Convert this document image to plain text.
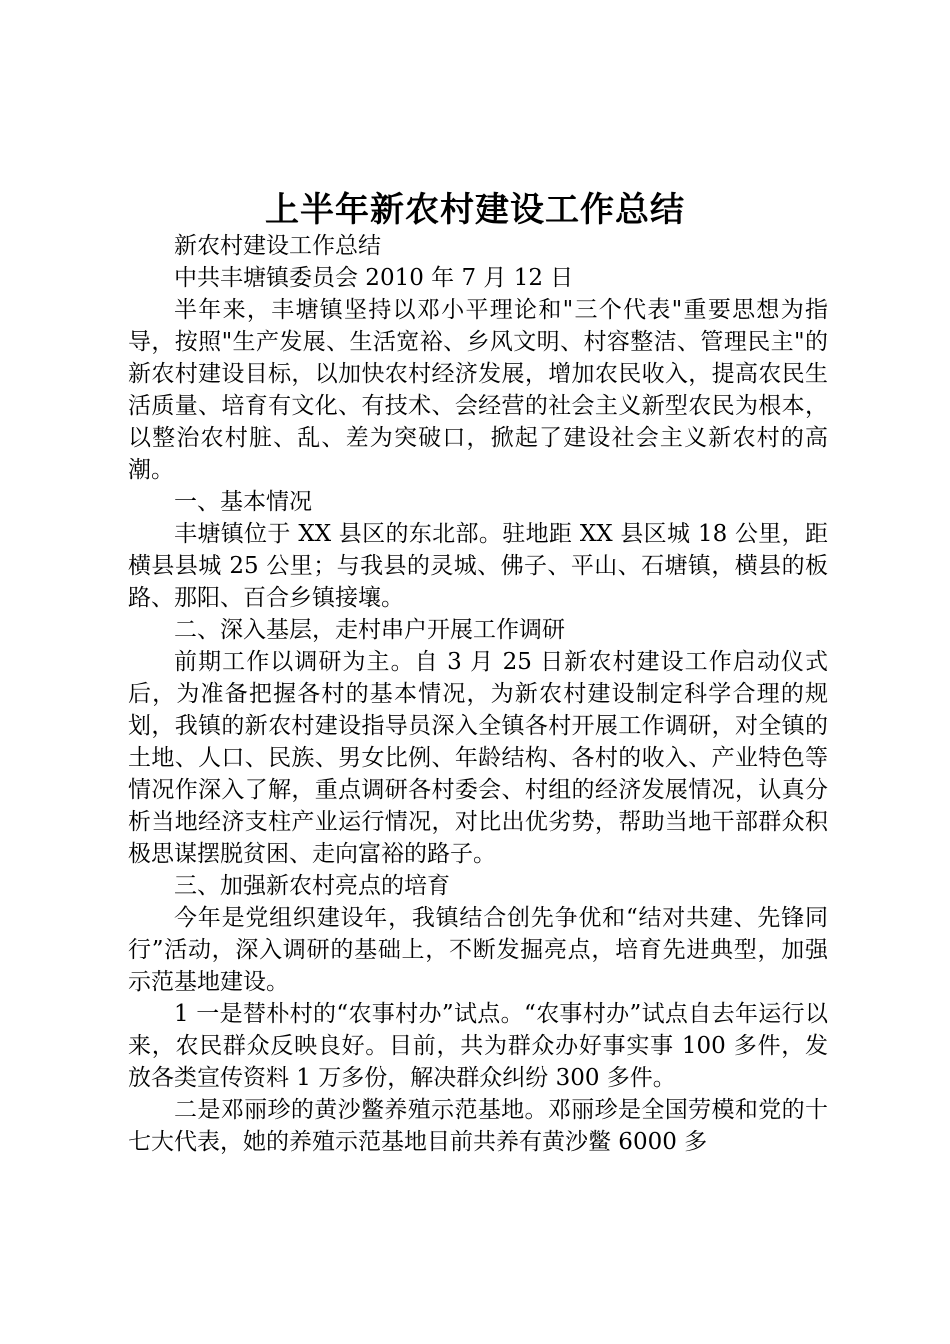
上半年新农村建设工作总结

新农村建设工作总结

中共丰塘镇委员会 2010 年 7 月 12 日

半年来，丰塘镇坚持以邓小平理论和"三个代表"重要思想为指导，按照"生产发展、生活宽裕、乡风文明、村容整洁、管理民主"的新农村建设目标，以加快农村经济发展，增加农民收入，提高农民生活质量、培育有文化、有技术、会经营的社会主义新型农民为根本，以整治农村脏、乱、差为突破口，掀起了建设社会主义新农村的高潮。

一、基本情况

丰塘镇位于 XX 县区的东北部。驻地距 XX 县区城 18 公里，距横县县城 25 公里；与我县的灵城、佛子、平山、石塘镇，横县的板路、那阳、百合乡镇接壤。

二、深入基层，走村串户开展工作调研

前期工作以调研为主。自 3 月 25 日新农村建设工作启动仪式后，为准备把握各村的基本情况，为新农村建设制定科学合理的规划，我镇的新农村建设指导员深入全镇各村开展工作调研，对全镇的土地、人口、民族、男女比例、年龄结构、各村的收入、产业特色等情况作深入了解，重点调研各村委会、村组的经济发展情况，认真分析当地经济支柱产业运行情况，对比出优劣势，帮助当地干部群众积极思谋摆脱贫困、走向富裕的路子。

三、加强新农村亮点的培育

今年是党组织建设年，我镇结合创先争优和“结对共建、先锋同行”活动，深入调研的基础上，不断发掘亮点，培育先进典型，加强示范基地建设。

1 一是替朴村的“农事村办”试点。“农事村办”试点自去年运行以来，农民群众反映良好。目前，共为群众办好事实事 100 多件，发放各类宣传资料 1 万多份，解决群众纠纷 300 多件。

二是邓丽珍的黄沙鳖养殖示范基地。邓丽珍是全国劳模和党的十七大代表，她的养殖示范基地目前共养有黄沙鳖 6000 多
